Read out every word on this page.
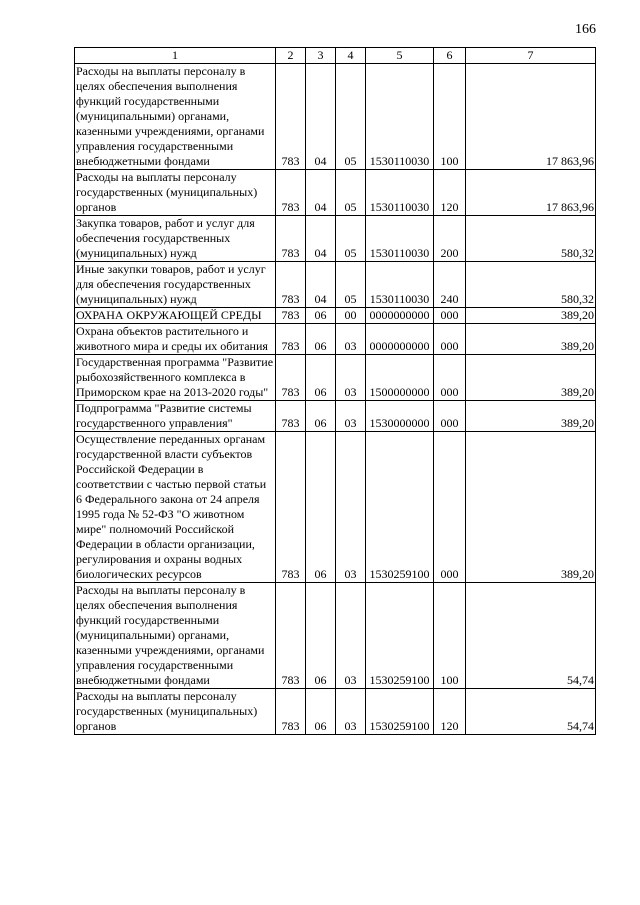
166
1	2	3	4	5	6	7
Расходы на выплаты персоналу в целях обеспечения выполнения функций государственными (муниципальными) органами, казенными учреждениями, органами управления государственными внебюджетными фондами	783	04	05	1530110030	100	17 863,96
Расходы на выплаты персоналу государственных (муниципальных) органов	783	04	05	1530110030	120	17 863,96
Закупка товаров, работ и услуг для обеспечения государственных (муниципальных) нужд	783	04	05	1530110030	200	580,32
Иные закупки товаров, работ и услуг для обеспечения государственных (муниципальных) нужд	783	04	05	1530110030	240	580,32
ОХРАНА ОКРУЖАЮЩЕЙ СРЕДЫ	783	06	00	0000000000	000	389,20
Охрана объектов растительного и животного мира и среды их обитания	783	06	03	0000000000	000	389,20
Государственная программа "Развитие рыбохозяйственного комплекса в Приморском крае на 2013-2020 годы"	783	06	03	1500000000	000	389,20
Подпрограмма "Развитие системы государственного управления"	783	06	03	1530000000	000	389,20
Осуществление переданных органам государственной власти субъектов Российской Федерации в соответствии с частью первой статьи 6 Федерального закона от 24 апреля 1995 года № 52-ФЗ "О животном мире" полномочий Российской Федерации в области организации, регулирования и охраны водных биологических ресурсов	783	06	03	1530259100	000	389,20
Расходы на выплаты персоналу в целях обеспечения выполнения функций государственными (муниципальными) органами, казенными учреждениями, органами управления государственными внебюджетными фондами	783	06	03	1530259100	100	54,74
Расходы на выплаты персоналу государственных (муниципальных) органов	783	06	03	1530259100	120	54,74
